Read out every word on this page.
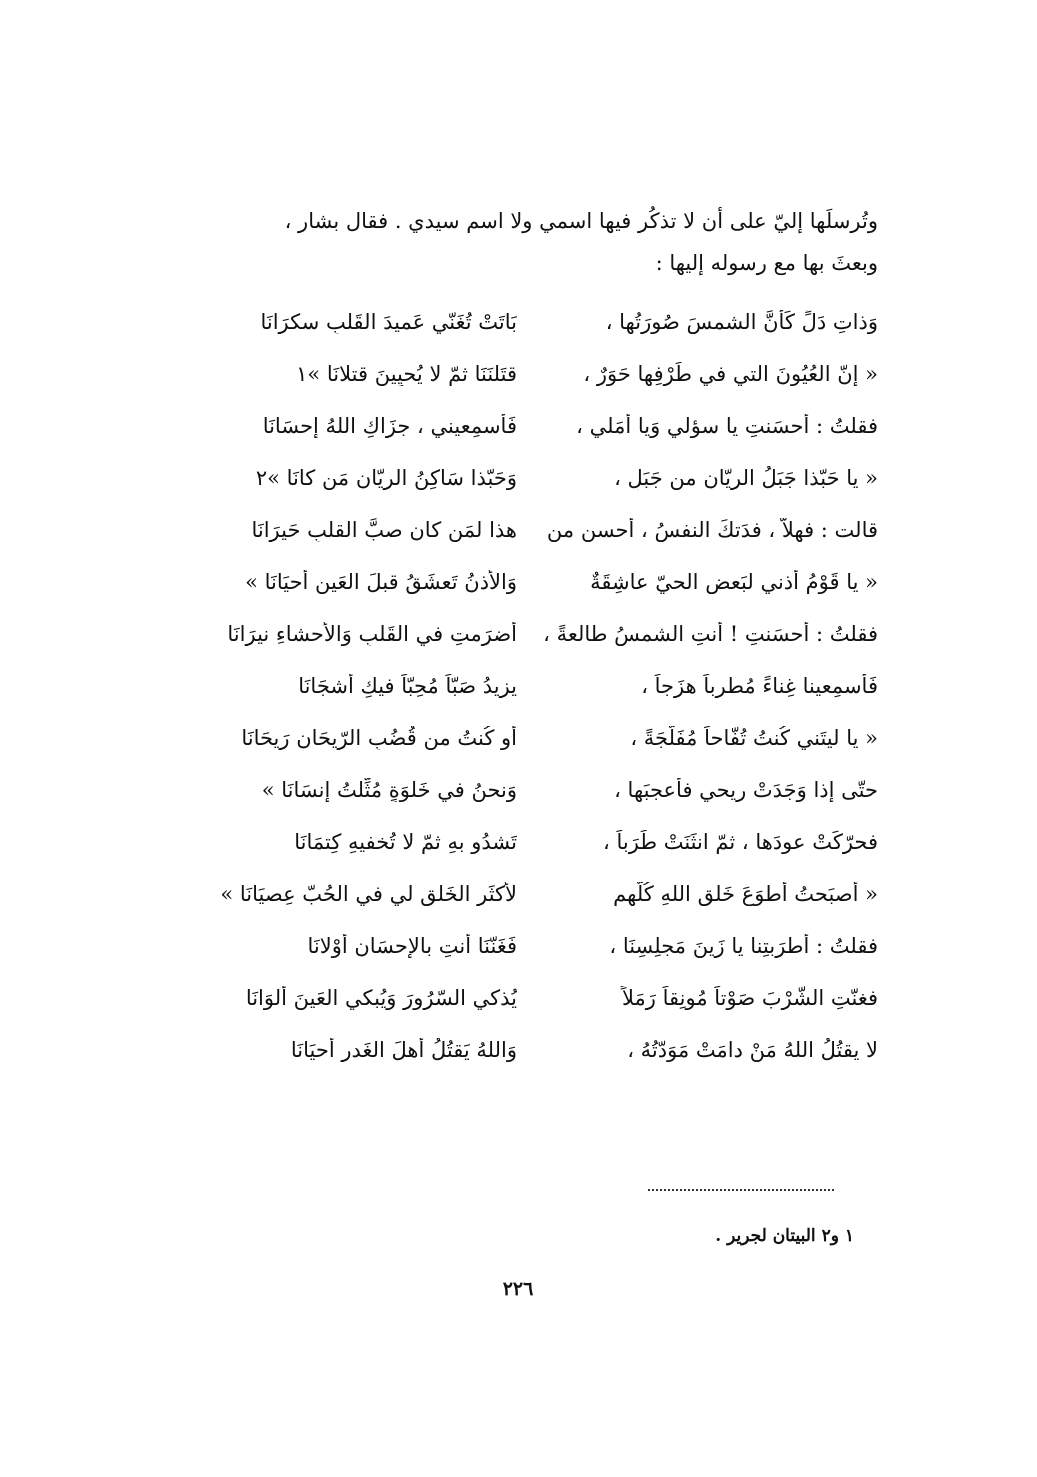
وتُرسلَها إليّ على أن لا تذكُر فيها اسمي ولا اسم سيدي . فقال بشار ،
وبعثَ بها مع رسوله إليها :
وَذاتِ دَلٍّ كَأنَّ الشمسَ صُورَتُها ،
بَاتَتْ تُغَنّي عَميدَ القَلبِ سكرَانَا
« إنّ العُيُونَ التي في طَرْفِها حَوَرٌ ،
قتَلنَنَا ثمّ لا يُحيِينَ قتلانَا »١
فقلتُ : أحسَنتِ يا سؤلي وَيا أمَلي ،
فَأسمِعيني ، جزَاكِ اللهُ إحسَانَا
« يا حَبّذا جَبَلُ الريّانِ من جَبَلٍ ،
وَحَبّذا سَاكِنُ الريّانِ مَن كانَا »٢
قالت : فهلاّ ، فدَتكَ النفسُ ، أحسن من
هذا لمَن كان صبَّ القلبِ حَيرَانَا
« يا قَوْمُ أُذني لبَعضِ الحيّ عاشِقَةٌ
وَالأذنُ تَعشَقُ قبلَ العَينِ أحيَانَا »
فقلتُ : أحسَنتِ ! أنتِ الشمسُ طالعةً ،
أضرَمتِ في القَلبِ وَالأحشاءِ نيرَانَا
فَأسمِعينا غِناءً مُطرِباً هزَجاً ،
يزِيدُ صَبّاً مُحِبّاً فيكِ أشجَانَا
« يا ليتَني كُنتُ تُفّاحاً مُفَلَّجَةً ،
أو كُنتُ من قُضُبِ الرّيحَانِ رَيحَانَا
حتّى إذا وَجَدَتْ ريحي فأعجبَها ،
وَنحنُ في خَلوَةٍ مُثِّلتُ إنسَانَا »
فحرّكَتْ عودَها ، ثمّ انثَنَتْ طَرَباً ،
تَشدُو بهِ ثمّ لا تُخفيهِ كِتمَانَا
« أصبَحتُ أطوَعَ خَلقِ اللهِ كُلّهِمِ
لأكثَرِ الخَلقِ لي في الحُبّ عِصيَانَا »
فقلتُ : أطرَبتِنا يا زَينَ مَجلِسِنَا ،
فَغَنّنَا أنتِ بالإحسَانِ أوْلانَا
فغنّتِ الشَّرْبَ صَوْتاً مُونِقاً رَمَلاً
يُذكي السّرُورَ وَيُبكي العَينَ ألوَانَا
لا يقتُلُ اللهُ مَنْ دامَتْ مَوَدّتُهُ ،
وَاللهُ يَقتُلُ أهلَ الغَدرِ أحيَانَا
١ و٢ البيتان لجرير .
٢٢٦
